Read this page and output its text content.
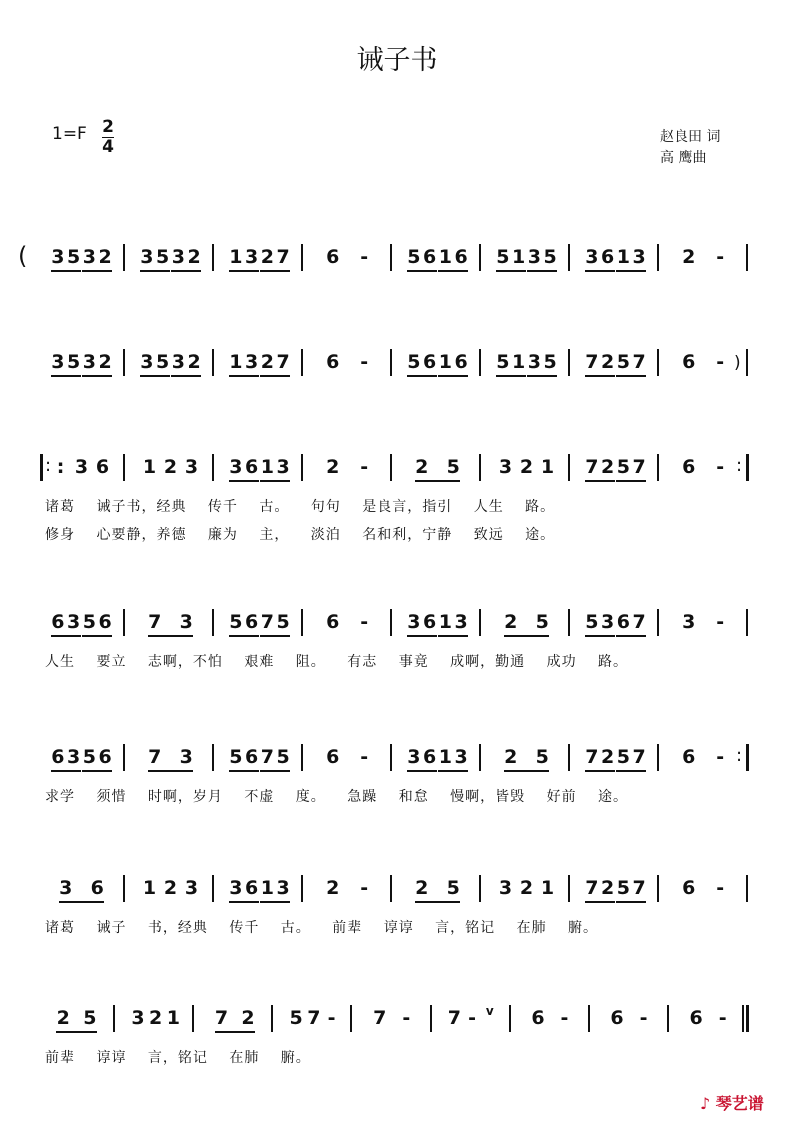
诫子书
1=F 2
4	赵良田 词
高 鹰曲
( 3 5 3 2 3 5 3 2 1 3 2 7 6 - 5 6 1 6 5 1 3 5 3 6 1 3 2 -
3 5 3 2 3 5 3 2 1 3 2 7 6 - 5 6 1 6 5 1 3 5 7 2 5 7 6 - )
: : 3 6 1 2 3 3 6 1 3 2 - 2 5 3 2 1 7 2 5 7 6 - :
诸葛 诫子书，经典 传千 古。 句句 是良言，指引 人生 路。
修身 心要静，养德 廉为 主， 淡泊 名和利，宁静 致远 途。
6 3 5 6 7 3 5 6 7 5 6 - 3 6 1 3 2 5 5 3 6 7 3 -
人生 要立 志啊，不怕 艰难 阻。 有志 事竟 成啊，勤通 成功 路。
6 3 5 6 7 3 5 6 7 5 6 - 3 6 1 3 2 5 7 2 5 7 6 - :
求学 须惜 时啊，岁月 不虚 度。 急躁 和怠 慢啊，皆毁 好前 途。
3 6 1 2 3 3 6 1 3 2 - 2 5 3 2 1 7 2 5 7 6 -
诸葛 诫子 书，经典 传千 古。 前辈 谆谆 言，铭记 在肺 腑。
2 5 3 2 1 7 2 5 7 - 7 - 7 - v 6 - 6 - 6 -
前辈 谆谆 言，铭记 在肺 腑。
♪ 琴艺谱
